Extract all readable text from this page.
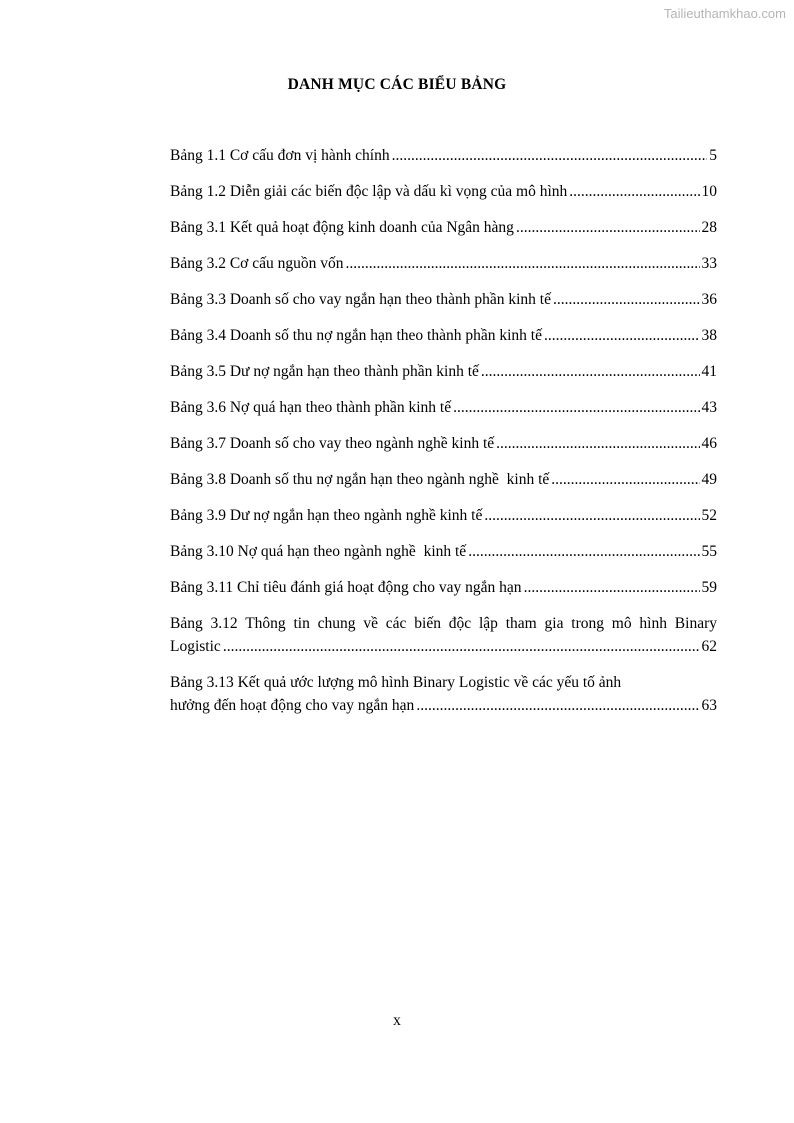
Tailieuthamkhao.com
DANH MỤC CÁC BIỂU BẢNG
Bảng 1.1 Cơ cấu đơn vị hành chính .....	5
Bảng 1.2 Diễn giải các biến độc lập và dấu kì vọng của mô hình .....	10
Bảng 3.1 Kết quả hoạt động kinh doanh của Ngân hàng .....	28
Bảng 3.2 Cơ cấu nguồn vốn .....	33
Bảng 3.3 Doanh số cho vay ngắn hạn theo thành phần kinh tế .....	36
Bảng 3.4 Doanh số thu nợ ngắn hạn theo thành phần kinh tế .....	38
Bảng 3.5 Dư nợ ngắn hạn theo thành phần kinh tế .....	41
Bảng 3.6 Nợ quá hạn theo thành phần kinh tế .....	43
Bảng 3.7 Doanh số cho vay theo ngành nghề kinh tế .....	46
Bảng 3.8 Doanh số thu nợ ngắn hạn theo ngành nghề  kinh tế .....	49
Bảng 3.9 Dư nợ ngắn hạn theo ngành nghề kinh tế .....	52
Bảng 3.10 Nợ quá hạn theo ngành nghề  kinh tế .....	55
Bảng 3.11 Chỉ tiêu đánh giá hoạt động cho vay ngắn hạn .....	59
Bảng 3.12 Thông tin chung về các biến độc lập tham gia trong mô hình Binary
Logistic .....	62
Bảng 3.13 Kết quả ước lượng mô hình Binary Logistic về các yếu tố ảnh
hưởng đến hoạt động cho vay ngắn hạn .....	63
x
